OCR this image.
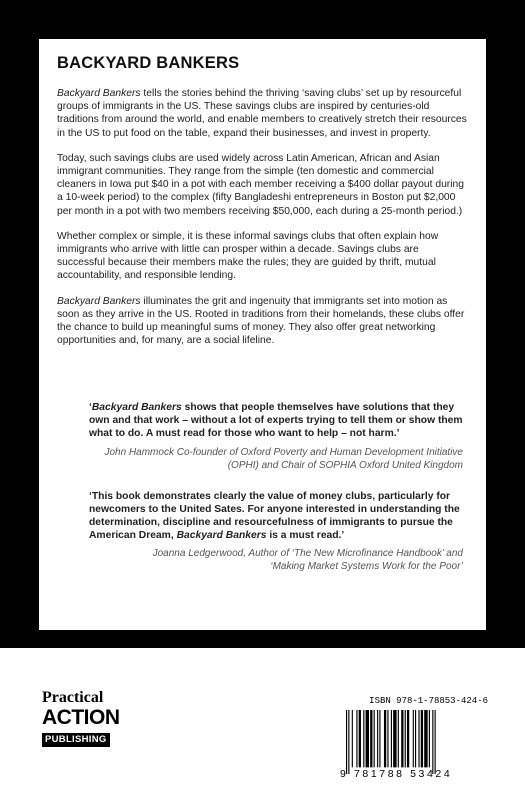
BACKYARD BANKERS

Backyard Bankers tells the stories behind the thriving ‘saving clubs’ set up by resourceful groups of immigrants in the US. These savings clubs are inspired by centuries-old traditions from around the world, and enable members to creatively stretch their resources in the US to put food on the table, expand their businesses, and invest in property.

Today, such savings clubs are used widely across Latin American, African and Asian immigrant communities. They range from the simple (ten domestic and commercial cleaners in Iowa put $40 in a pot with each member receiving a $400 dollar payout during a 10-week period) to the complex (fifty Bangladeshi entrepreneurs in Boston put $2,000 per month in a pot with two members receiving $50,000, each during a 25-month period.)

Whether complex or simple, it is these informal savings clubs that often explain how immigrants who arrive with little can prosper within a decade. Savings clubs are successful because their members make the rules; they are guided by thrift, mutual accountability, and responsible lending.

Backyard Bankers illuminates the grit and ingenuity that immigrants set into motion as soon as they arrive in the US. Rooted in traditions from their homelands, these clubs offer the chance to build up meaningful sums of money. They also offer great networking opportunities and, for many, are a social lifeline.

‘Backyard Bankers shows that people themselves have solutions that they own and that work – without a lot of experts trying to tell them or show them what to do. A must read for those who want to help – not harm.’

John Hammock Co-founder of Oxford Poverty and Human Development Initiative (OPHI) and Chair of SOPHIA Oxford United Kingdom

‘This book demonstrates clearly the value of money clubs, particularly for newcomers to the United Sates. For anyone interested in understanding the determination, discipline and resourcefulness of immigrants to pursue the American Dream, Backyard Bankers is a must read.’

Joanna Ledgerwood, Author of ‘The New Microfinance Handbook’ and
‘Making Market Systems Work for the Poor’

Practical
ACTION
PUBLISHING
ISBN 978-1-78853-424-6
9 781788 53424
